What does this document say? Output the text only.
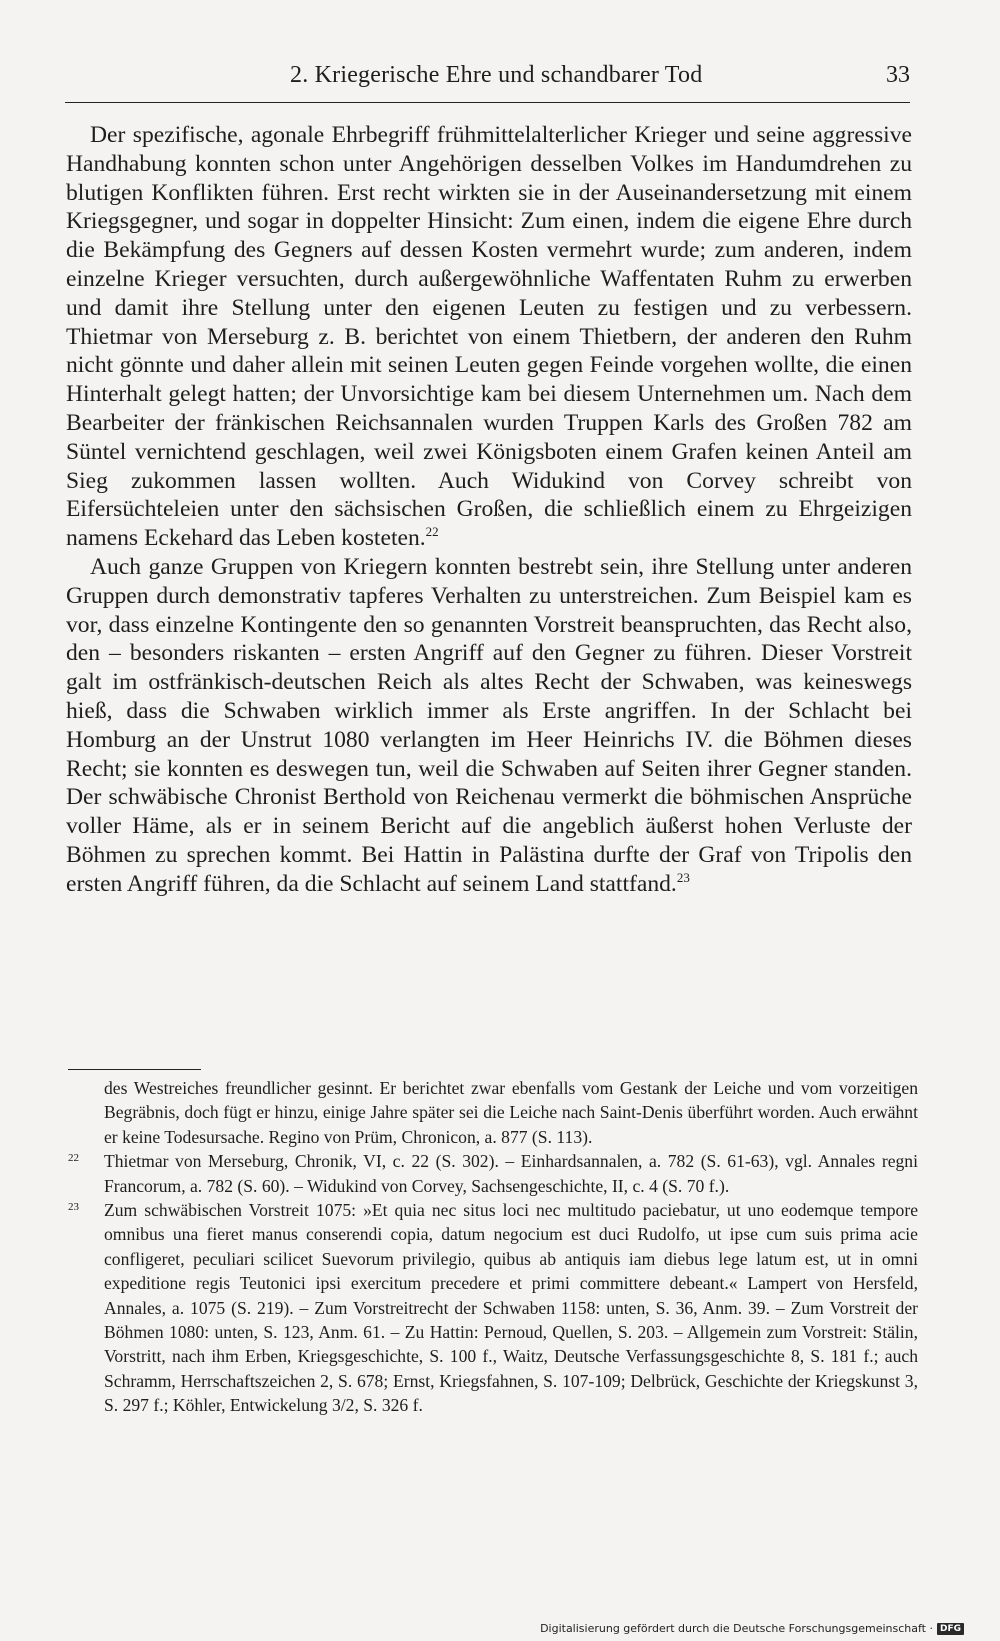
2. Kriegerische Ehre und schandbarer Tod	33

Der spezifische, agonale Ehrbegriff frühmittelalterlicher Krieger und seine aggressive Handhabung konnten schon unter Angehörigen desselben Volkes im Handumdrehen zu blutigen Konflikten führen. Erst recht wirkten sie in der Auseinandersetzung mit einem Kriegsgegner, und sogar in doppelter Hinsicht: Zum einen, indem die eigene Ehre durch die Bekämpfung des Gegners auf dessen Kosten vermehrt wurde; zum anderen, indem einzelne Krieger versuchten, durch außergewöhnliche Waffentaten Ruhm zu erwerben und damit ihre Stellung unter den eigenen Leuten zu festigen und zu verbessern. Thietmar von Merseburg z. B. berichtet von einem Thietbern, der anderen den Ruhm nicht gönnte und daher allein mit seinen Leuten gegen Feinde vorgehen wollte, die einen Hinterhalt gelegt hatten; der Unvorsichtige kam bei diesem Unternehmen um. Nach dem Bearbeiter der fränkischen Reichsannalen wurden Truppen Karls des Großen 782 am Süntel vernichtend geschlagen, weil zwei Königsboten einem Grafen keinen Anteil am Sieg zukommen lassen wollten. Auch Widukind von Corvey schreibt von Eifersüchteleien unter den sächsischen Großen, die schließlich einem zu Ehrgeizigen namens Eckehard das Leben kosteten.$^{22}$

Auch ganze Gruppen von Kriegern konnten bestrebt sein, ihre Stellung unter anderen Gruppen durch demonstrativ tapferes Verhalten zu unterstreichen. Zum Beispiel kam es vor, dass einzelne Kontingente den so genannten Vorstreit beanspruchten, das Recht also, den – besonders riskanten – ersten Angriff auf den Gegner zu führen. Dieser Vorstreit galt im ostfränkisch-deutschen Reich als altes Recht der Schwaben, was keineswegs hieß, dass die Schwaben wirklich immer als Erste angriffen. In der Schlacht bei Homburg an der Unstrut 1080 verlangten im Heer Heinrichs IV. die Böhmen dieses Recht; sie konnten es deswegen tun, weil die Schwaben auf Seiten ihrer Gegner standen. Der schwäbische Chronist Berthold von Reichenau vermerkt die böhmischen Ansprüche voller Häme, als er in seinem Bericht auf die angeblich äußerst hohen Verluste der Böhmen zu sprechen kommt. Bei Hattin in Palästina durfte der Graf von Tripolis den ersten Angriff führen, da die Schlacht auf seinem Land stattfand.$^{23}$

des Westreiches freundlicher gesinnt. Er berichtet zwar ebenfalls vom Gestank der Leiche und vom vorzeitigen Begräbnis, doch fügt er hinzu, einige Jahre später sei die Leiche nach Saint-Denis überführt worden. Auch erwähnt er keine Todesursache. Regino von Prüm, Chronicon, a. 877 (S. 113).
22 Thietmar von Merseburg, Chronik, VI, c. 22 (S. 302). – Einhardsannalen, a. 782 (S. 61-63), vgl. Annales regni Francorum, a. 782 (S. 60). – Widukind von Corvey, Sachsengeschichte, II, c. 4 (S. 70 f.).
23 Zum schwäbischen Vorstreit 1075: »Et quia nec situs loci nec multitudo paciebatur, ut uno eodemque tempore omnibus una fieret manus conserendi copia, datum negocium est duci Rudolfo, ut ipse cum suis prima acie confligeret, peculiari scilicet Suevorum privilegio, quibus ab antiquis iam diebus lege latum est, ut in omni expeditione regis Teutonici ipsi exercitum precedere et primi committere debeant.« Lampert von Hersfeld, Annales, a. 1075 (S. 219). – Zum Vorstreitrecht der Schwaben 1158: unten, S. 36, Anm. 39. – Zum Vorstreit der Böhmen 1080: unten, S. 123, Anm. 61. – Zu Hattin: Pernoud, Quellen, S. 203. – Allgemein zum Vorstreit: Stälin, Vorstritt, nach ihm Erben, Kriegsgeschichte, S. 100 f., Waitz, Deutsche Verfassungsgeschichte 8, S. 181 f.; auch Schramm, Herrschaftszeichen 2, S. 678; Ernst, Kriegsfahnen, S. 107-109; Delbrück, Geschichte der Kriegskunst 3, S. 297 f.; Köhler, Entwickelung 3/2, S. 326 f.
Digitalisierung gefördert durch die Deutsche Forschungsgemeinschaft · DFG
